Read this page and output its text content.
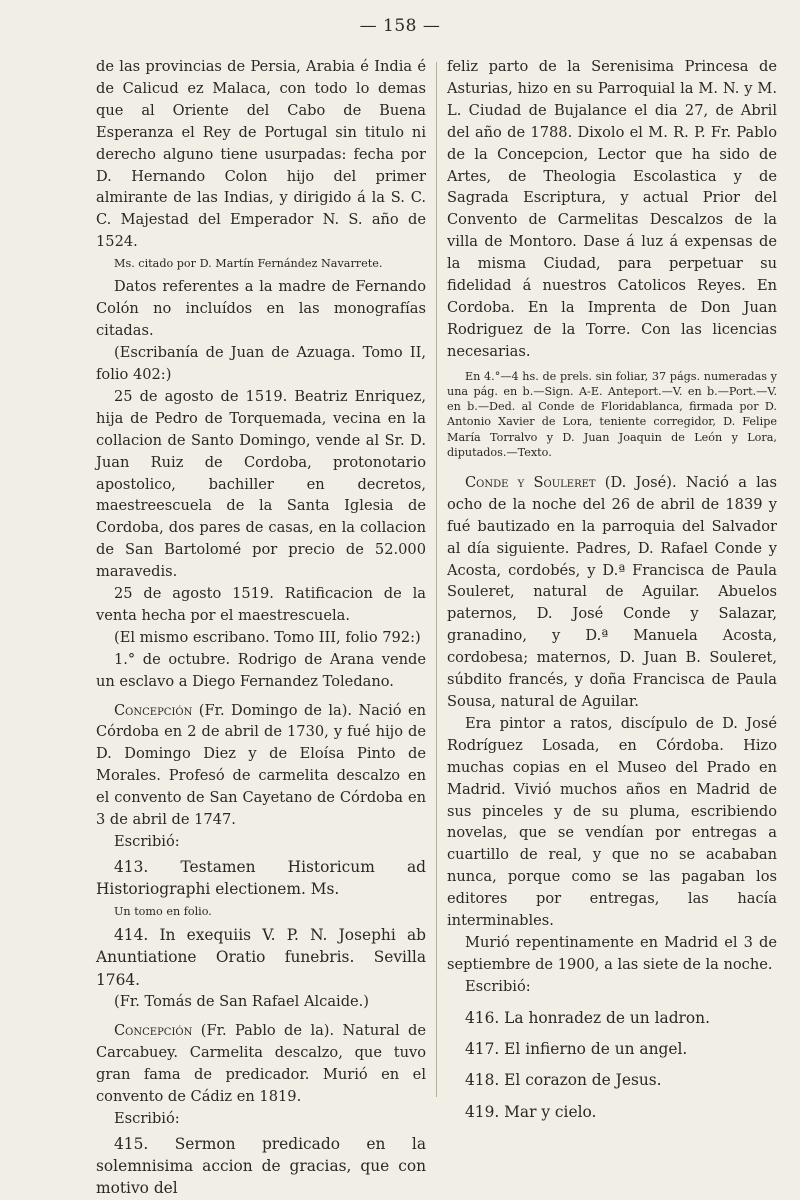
— 158 —

de las provincias de Persia, Arabia é India é de Calicud ez Malaca, con todo lo demas que al Oriente del Cabo de Buena Esperanza el Rey de Portugal sin titulo ni derecho alguno tiene usurpadas: fecha por D. Hernando Colon hijo del primer almirante de las Indias, y dirigido á la S. C. C. Majestad del Emperador N. S. año de 1524.

Ms. citado por D. Martín Fernández Navarrete.

Datos referentes a la madre de Fernando Colón no incluídos en las monografías citadas.

(Escribanía de Juan de Azuaga. Tomo II, folio 402:)

25 de agosto de 1519. Beatriz Enriquez, hija de Pedro de Torquemada, vecina en la collacion de Santo Domingo, vende al Sr. D. Juan Ruiz de Cordoba, protonotario apostolico, bachiller en decretos, maestreescuela de la Santa Iglesia de Cordoba, dos pares de casas, en la collacion de San Bartolomé por precio de 52.000 maravedis.

25 de agosto 1519. Ratificacion de la venta hecha por el maestrescuela.

(El mismo escribano. Tomo III, folio 792:)

1.° de octubre. Rodrigo de Arana vende un esclavo a Diego Fernandez Toledano.

Concepción (Fr. Domingo de la). Nació en Córdoba en 2 de abril de 1730, y fué hijo de D. Domingo Diez y de Eloísa Pinto de Morales. Profesó de carmelita descalzo en el convento de San Cayetano de Córdoba en 3 de abril de 1747.

Escribió:

413. Testamen Historicum ad Historiographi electionem. Ms.

Un tomo en folio.

414. In exequiis V. P. N. Josephi ab Anuntiatione Oratio funebris. Sevilla 1764.

(Fr. Tomás de San Rafael Alcaide.)

Concepción (Fr. Pablo de la). Natural de Carcabuey. Carmelita descalzo, que tuvo gran fama de predicador. Murió en el convento de Cádiz en 1819.

Escribió:

415. Sermon predicado en la solemnisima accion de gracias, que con motivo del

feliz parto de la Serenisima Princesa de Asturias, hizo en su Parroquial la M. N. y M. L. Ciudad de Bujalance el dia 27, de Abril del año de 1788. Dixolo el M. R. P. Fr. Pablo de la Concepcion, Lector que ha sido de Artes, de Theologia Escolastica y de Sagrada Escriptura, y actual Prior del Convento de Carmelitas Descalzos de la villa de Montoro. Dase á luz á expensas de la misma Ciudad, para perpetuar su fidelidad á nuestros Catolicos Reyes. En Cordoba. En la Imprenta de Don Juan Rodriguez de la Torre. Con las licencias necesarias.

En 4.°—4 hs. de prels. sin foliar, 37 págs. numeradas y una pág. en b.—Sign. A-E. Anteport.—V. en b.—Port.—V. en b.—Ded. al Conde de Floridablanca, firmada por D. Antonio Xavier de Lora, teniente corregidor, D. Felipe María Torralvo y D. Juan Joaquin de León y Lora, diputados.—Texto.

Conde y Souleret (D. José). Nació a las ocho de la noche del 26 de abril de 1839 y fué bautizado en la parroquia del Salvador al día siguiente. Padres, D. Rafael Conde y Acosta, cordobés, y D.ª Francisca de Paula Souleret, natural de Aguilar. Abuelos paternos, D. José Conde y Salazar, granadino, y D.ª Manuela Acosta, cordobesa; maternos, D. Juan B. Souleret, súbdito francés, y doña Francisca de Paula Sousa, natural de Aguilar.

Era pintor a ratos, discípulo de D. José Rodríguez Losada, en Córdoba. Hizo muchas copias en el Museo del Prado en Madrid. Vivió muchos años en Madrid de sus pinceles y de su pluma, escribiendo novelas, que se vendían por entregas a cuartillo de real, y que no se acababan nunca, porque como se las pagaban los editores por entregas, las hacía interminables.

Murió repentinamente en Madrid el 3 de septiembre de 1900, a las siete de la noche.

Escribió:

416. La honradez de un ladron.

417. El infierno de un angel.

418. El corazon de Jesus.

419. Mar y cielo.
